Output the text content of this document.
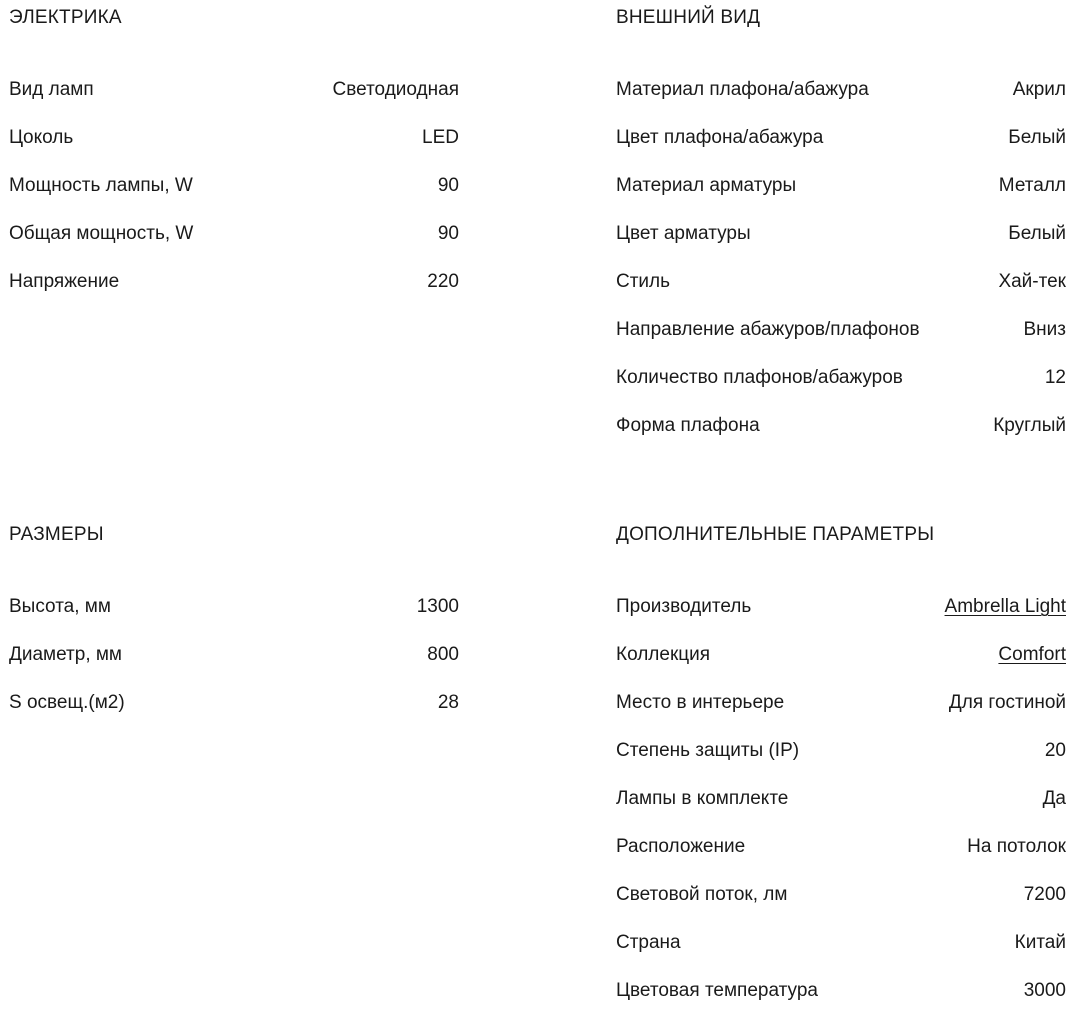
ЭЛЕКТРИКА
Вид ламп	Светодиодная
Цоколь	LED
Мощность лампы, W	90
Общая мощность, W	90
Напряжение	220
ВНЕШНИЙ ВИД
Материал плафона/абажура	Акрил
Цвет плафона/абажура	Белый
Материал арматуры	Металл
Цвет арматуры	Белый
Стиль	Хай-тек
Направление абажуров/плафонов	Вниз
Количество плафонов/абажуров	12
Форма плафона	Круглый
РАЗМЕРЫ
Высота, мм	1300
Диаметр, мм	800
S освещ.(м2)	28
ДОПОЛНИТЕЛЬНЫЕ ПАРАМЕТРЫ
Производитель	Ambrella Light
Коллекция	Comfort
Место в интерьере	Для гостиной
Степень защиты (IP)	20
Лампы в комплекте	Да
Расположение	На потолок
Световой поток, лм	7200
Страна	Китай
Цветовая температура	3000
